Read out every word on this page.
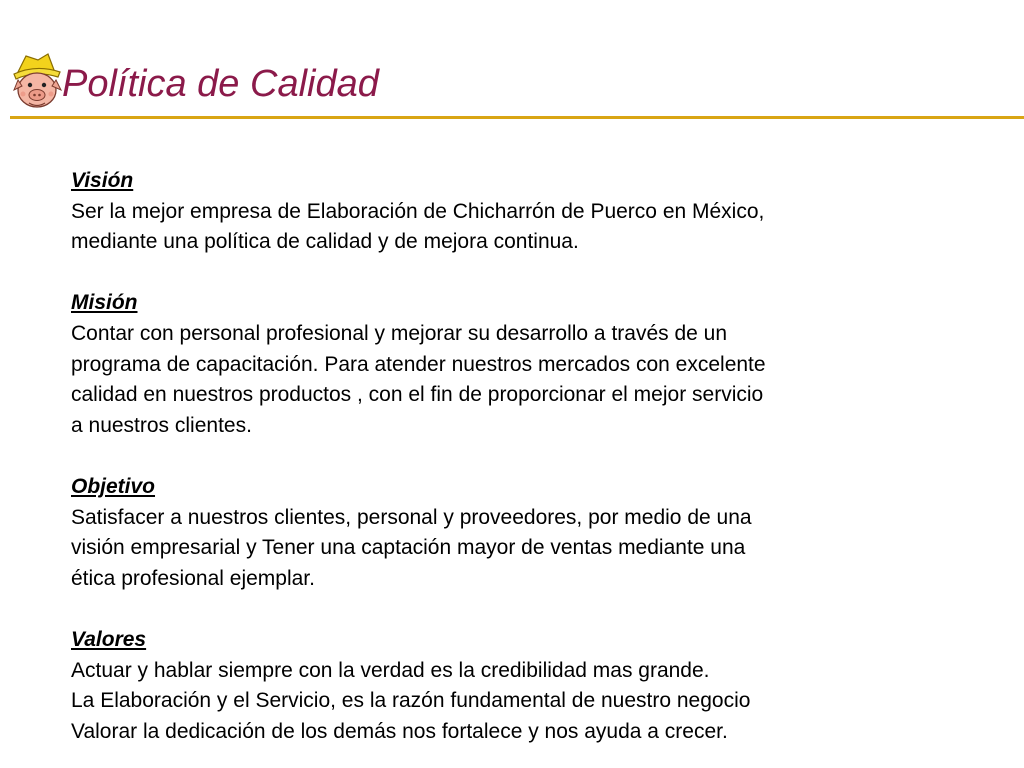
Política de Calidad
Visión
Ser la mejor empresa de Elaboración de Chicharrón de Puerco en México,
mediante una política de calidad y de mejora continua.
Misión
Contar con personal profesional y mejorar su desarrollo a través de un
programa de capacitación. Para atender nuestros mercados con excelente
calidad en nuestros productos , con el fin de proporcionar el mejor servicio
a nuestros clientes.
Objetivo
Satisfacer a nuestros clientes, personal y proveedores, por medio de una
visión empresarial y Tener una captación mayor de ventas mediante una
ética profesional ejemplar.
Valores
Actuar y hablar siempre con la verdad es la credibilidad mas grande.
La Elaboración y el Servicio, es la razón fundamental de nuestro negocio
Valorar la dedicación de los demás nos fortalece y nos ayuda a crecer.
